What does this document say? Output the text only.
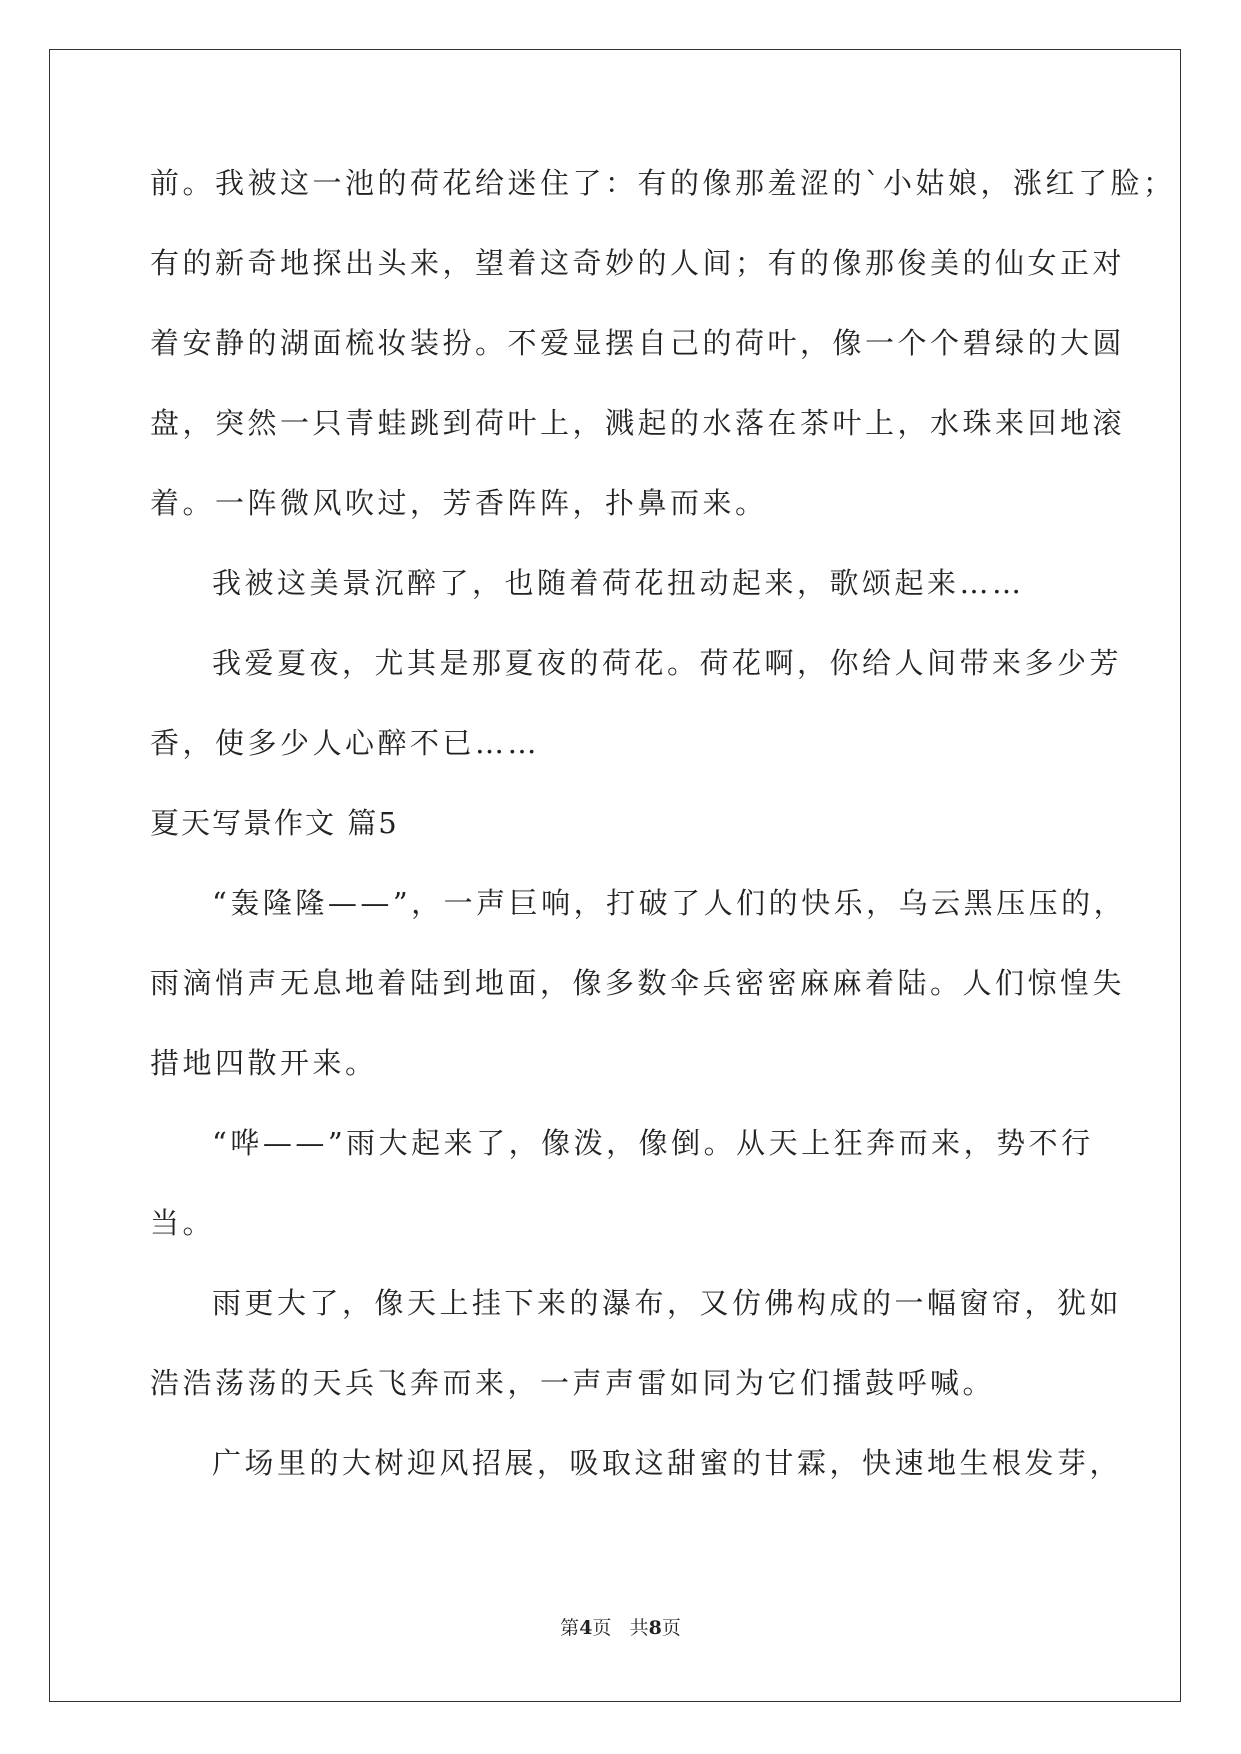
前。我被这一池的荷花给迷住了：有的像那羞涩的`小姑娘，涨红了脸；
有的新奇地探出头来，望着这奇妙的人间；有的像那俊美的仙女正对
着安静的湖面梳妆装扮。不爱显摆自己的荷叶，像一个个碧绿的大圆
盘，突然一只青蛙跳到荷叶上，溅起的水落在茶叶上，水珠来回地滚
着。一阵微风吹过，芳香阵阵，扑鼻而来。
我被这美景沉醉了，也随着荷花扭动起来，歌颂起来……
我爱夏夜，尤其是那夏夜的荷花。荷花啊，你给人间带来多少芳
香，使多少人心醉不已……
夏天写景作文 篇5
“轰隆隆——”，一声巨响，打破了人们的快乐，乌云黑压压的，
雨滴悄声无息地着陆到地面，像多数伞兵密密麻麻着陆。人们惊惶失
措地四散开来。
“哗——”雨大起来了，像泼，像倒。从天上狂奔而来，势不行
当。
雨更大了，像天上挂下来的瀑布，又仿佛构成的一幅窗帘，犹如
浩浩荡荡的天兵飞奔而来，一声声雷如同为它们擂鼓呼喊。
广场里的大树迎风招展，吸取这甜蜜的甘霖，快速地生根发芽，
第4页 共8页
